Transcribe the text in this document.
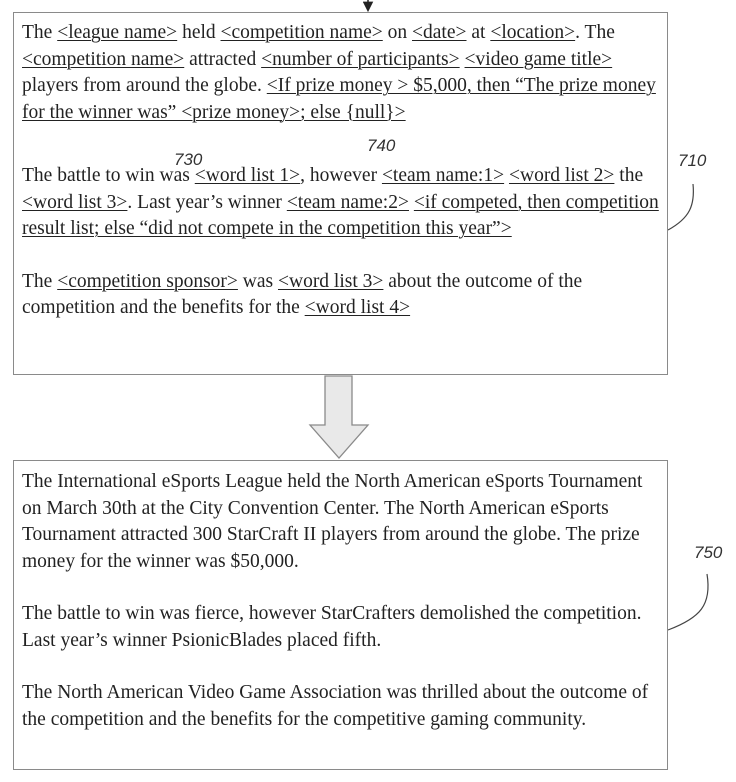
The <league name> held <competition name> on <date> at <location>. The <competition name> attracted <number of participants> <video game title> players from around the globe. <If prize money > $5,000, then “The prize money for the winner was” <prize money>; else {null}>

The battle to win was <word list 1>, however <team name:1> <word list 2> the <word list 3>. Last year’s winner <team name:2> <if competed, then competition result list; else “did not compete in the competition this year”>

The <competition sponsor> was <word list 3> about the outcome of the competition and the benefits for the <word list 4>

The International eSports League held the North American eSports Tournament on March 30th at the City Convention Center. The North American eSports Tournament attracted 300 StarCraft II players from around the globe. The prize money for the winner was $50,000.

The battle to win was fierce, however StarCrafters demolished the competition. Last year’s winner PsionicBlades placed fifth.

The North American Video Game Association was thrilled about the outcome of the competition and the benefits for the competitive gaming community.

730
740
710
750
